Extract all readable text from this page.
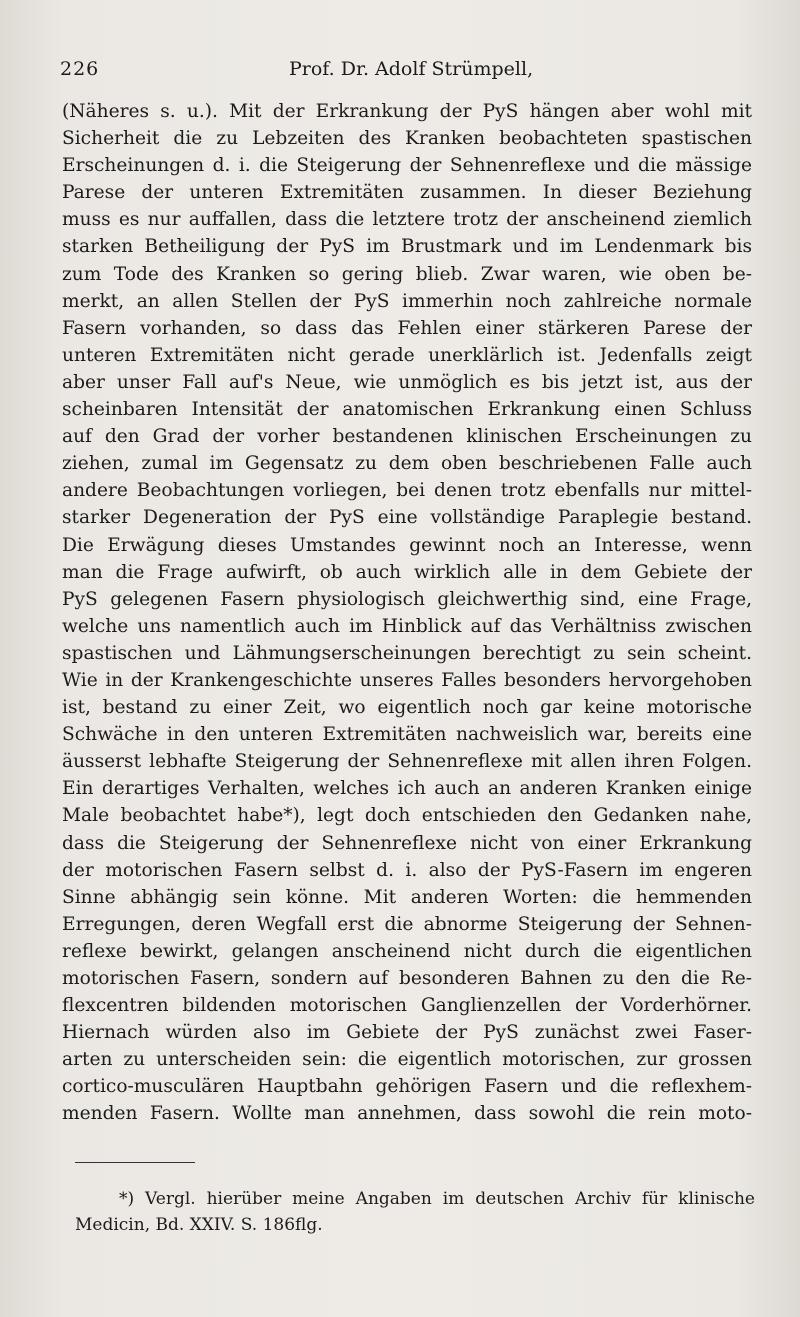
226	Prof. Dr. Adolf Strümpell,
(Näheres s. u.). Mit der Erkrankung der PyS hängen aber wohl mit
Sicherheit die zu Lebzeiten des Kranken beobachteten spastischen
Erscheinungen d. i. die Steigerung der Sehnenreflexe und die mässige
Parese der unteren Extremitäten zusammen. In dieser Beziehung
muss es nur auffallen, dass die letztere trotz der anscheinend ziemlich
starken Betheiligung der PyS im Brustmark und im Lendenmark bis
zum Tode des Kranken so gering blieb. Zwar waren, wie oben be-
merkt, an allen Stellen der PyS immerhin noch zahlreiche normale
Fasern vorhanden, so dass das Fehlen einer stärkeren Parese der
unteren Extremitäten nicht gerade unerklärlich ist. Jedenfalls zeigt
aber unser Fall auf's Neue, wie unmöglich es bis jetzt ist, aus der
scheinbaren Intensität der anatomischen Erkrankung einen Schluss
auf den Grad der vorher bestandenen klinischen Erscheinungen zu
ziehen, zumal im Gegensatz zu dem oben beschriebenen Falle auch
andere Beobachtungen vorliegen, bei denen trotz ebenfalls nur mittel-
starker Degeneration der PyS eine vollständige Paraplegie bestand.
Die Erwägung dieses Umstandes gewinnt noch an Interesse, wenn
man die Frage aufwirft, ob auch wirklich alle in dem Gebiete der
PyS gelegenen Fasern physiologisch gleichwerthig sind, eine Frage,
welche uns namentlich auch im Hinblick auf das Verhältniss zwischen
spastischen und Lähmungserscheinungen berechtigt zu sein scheint.
Wie in der Krankengeschichte unseres Falles besonders hervorgehoben
ist, bestand zu einer Zeit, wo eigentlich noch gar keine motorische
Schwäche in den unteren Extremitäten nachweislich war, bereits eine
äusserst lebhafte Steigerung der Sehnenreflexe mit allen ihren Folgen.
Ein derartiges Verhalten, welches ich auch an anderen Kranken einige
Male beobachtet habe*), legt doch entschieden den Gedanken nahe,
dass die Steigerung der Sehnenreflexe nicht von einer Erkrankung
der motorischen Fasern selbst d. i. also der PyS-Fasern im engeren
Sinne abhängig sein könne. Mit anderen Worten: die hemmenden
Erregungen, deren Wegfall erst die abnorme Steigerung der Sehnen-
reflexe bewirkt, gelangen anscheinend nicht durch die eigentlichen
motorischen Fasern, sondern auf besonderen Bahnen zu den die Re-
flexcentren bildenden motorischen Ganglienzellen der Vorderhörner.
Hiernach würden also im Gebiete der PyS zunächst zwei Faser-
arten zu unterscheiden sein: die eigentlich motorischen, zur grossen
cortico-musculären Hauptbahn gehörigen Fasern und die reflexhem-
menden Fasern. Wollte man annehmen, dass sowohl die rein moto-
*) Vergl. hierüber meine Angaben im deutschen Archiv für klinische
Medicin, Bd. XXIV. S. 186flg.
